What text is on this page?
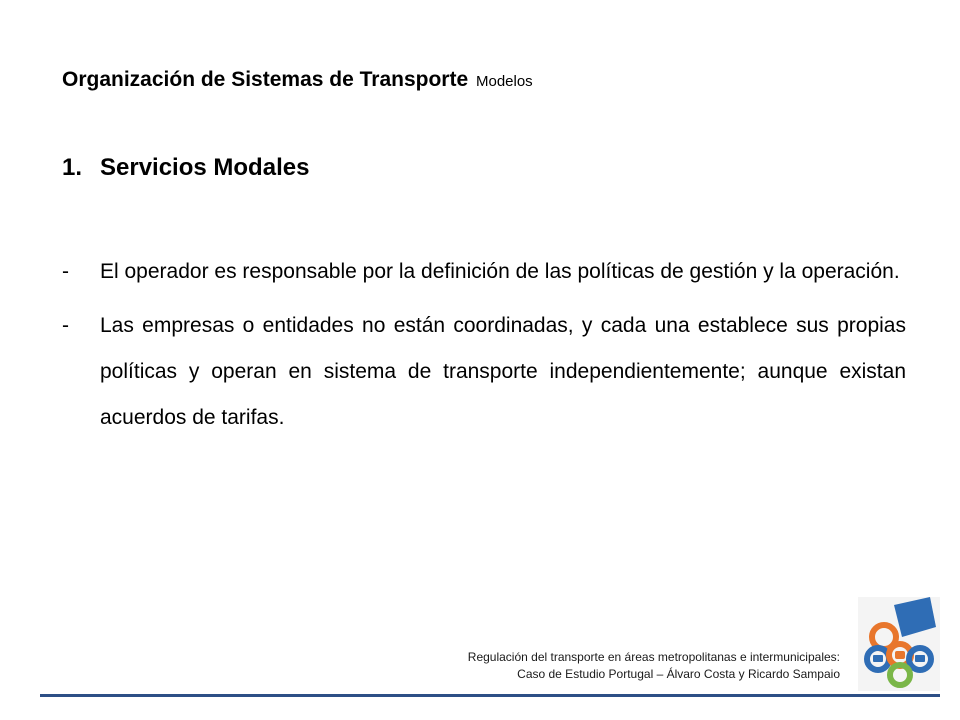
Organización de Sistemas de Transporte Modelos
1. Servicios Modales
-	El operador es responsable por la definición de las políticas de gestión y la operación.
-	Las empresas o entidades no están coordinadas, y cada una establece sus propias políticas y operan en sistema de transporte independientemente; aunque existan acuerdos de tarifas.
Regulación del transporte en áreas metropolitanas e intermunicipales:
Caso de Estudio Portugal – Álvaro Costa y Ricardo Sampaio
